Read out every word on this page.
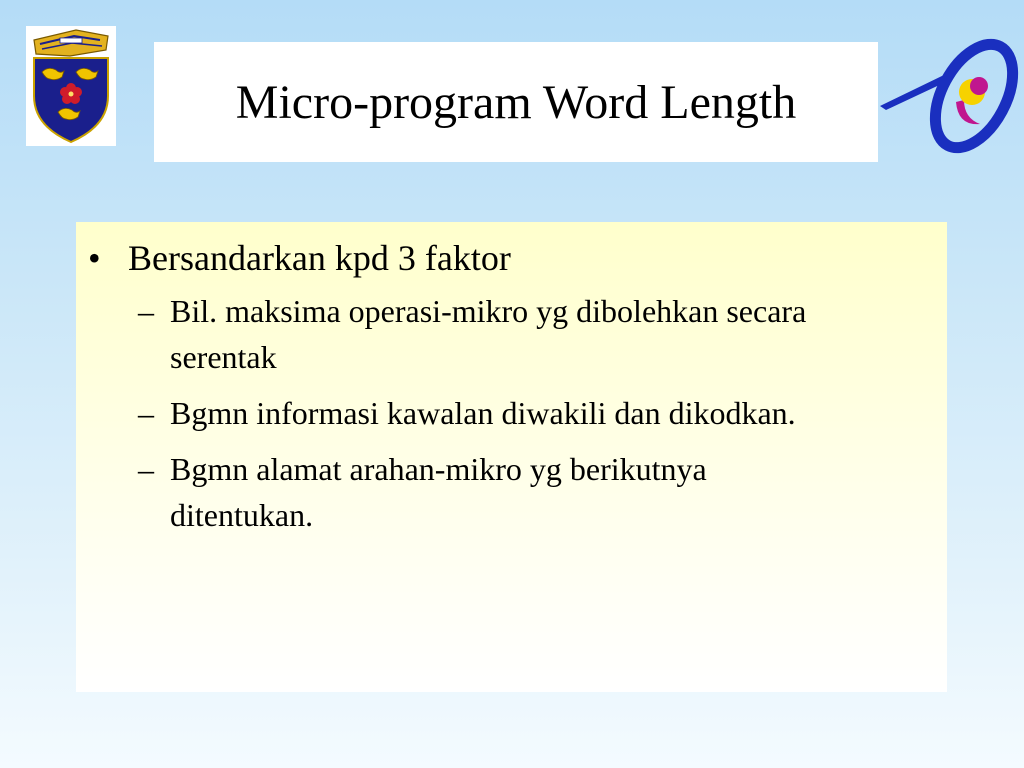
Micro-program Word Length
• Bersandarkan kpd 3 faktor
– Bil. maksima operasi-mikro yg dibolehkan secara serentak
– Bgmn informasi kawalan diwakili dan dikodkan.
– Bgmn alamat arahan-mikro yg berikutnya ditentukan.
